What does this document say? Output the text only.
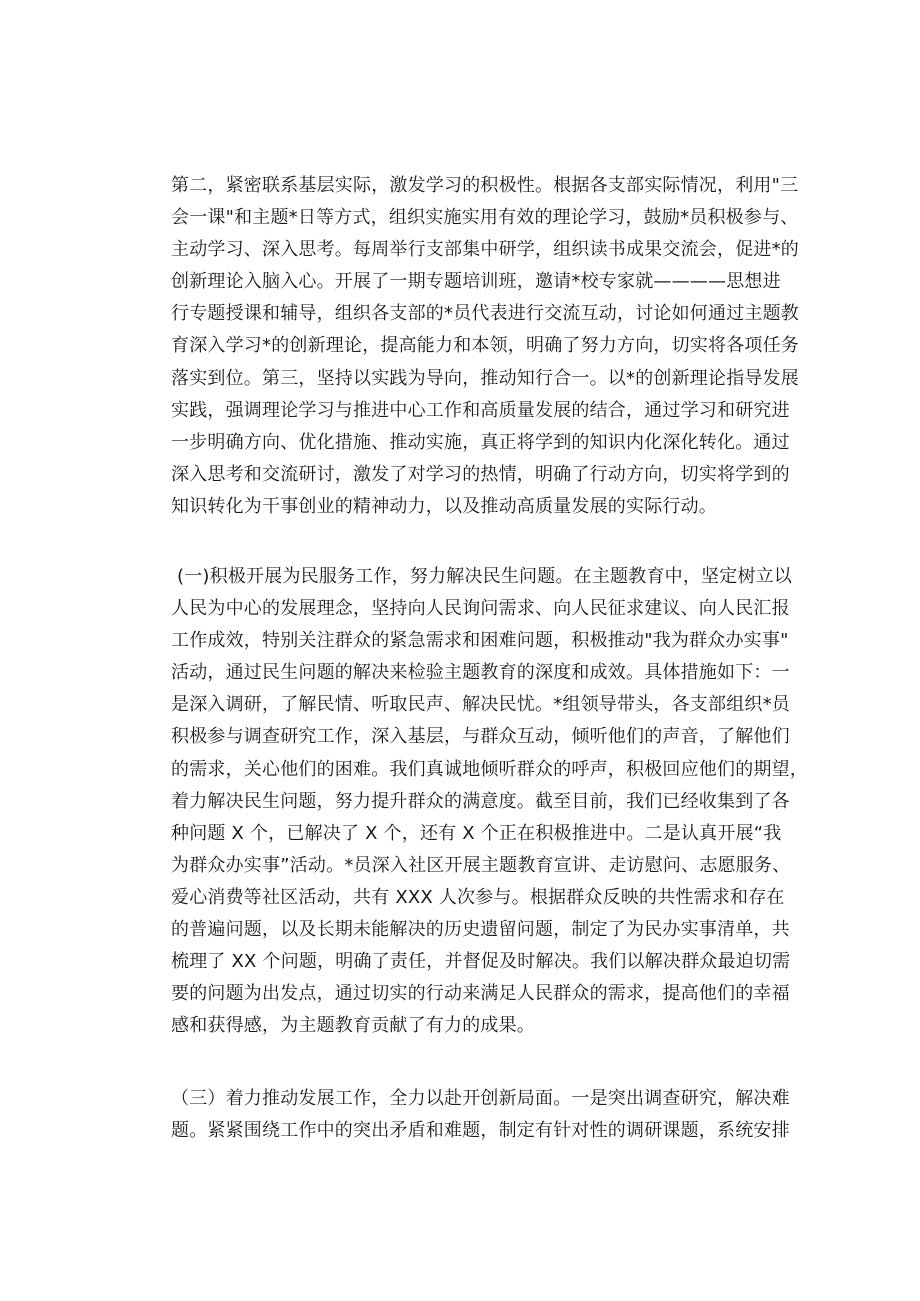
第二，紧密联系基层实际，激发学习的积极性。根据各支部实际情况，利用"三
会一课"和主题*日等方式，组织实施实用有效的理论学习，鼓励*员积极参与、
主动学习、深入思考。每周举行支部集中研学，组织读书成果交流会，促进*的
创新理论入脑入心。开展了一期专题培训班，邀请*校专家就————思想进
行专题授课和辅导，组织各支部的*员代表进行交流互动，讨论如何通过主题教
育深入学习*的创新理论，提高能力和本领，明确了努力方向，切实将各项任务
落实到位。第三，坚持以实践为导向，推动知行合一。以*的创新理论指导发展
实践，强调理论学习与推进中心工作和高质量发展的结合，通过学习和研究进
一步明确方向、优化措施、推动实施，真正将学到的知识内化深化转化。通过
深入思考和交流研讨，激发了对学习的热情，明确了行动方向，切实将学到的
知识转化为干事创业的精神动力，以及推动高质量发展的实际行动。
(一)积极开展为民服务工作，努力解决民生问题。在主题教育中，坚定树立以
人民为中心的发展理念，坚持向人民询问需求、向人民征求建议、向人民汇报
工作成效，特别关注群众的紧急需求和困难问题，积极推动"我为群众办实事"
活动，通过民生问题的解决来检验主题教育的深度和成效。具体措施如下：一
是深入调研，了解民情、听取民声、解决民忧。*组领导带头，各支部组织*员
积极参与调查研究工作，深入基层，与群众互动，倾听他们的声音，了解他们
的需求，关心他们的困难。我们真诚地倾听群众的呼声，积极回应他们的期望，
着力解决民生问题，努力提升群众的满意度。截至目前，我们已经收集到了各
种问题 X 个，已解决了 X 个，还有 X 个正在积极推进中。二是认真开展“我
为群众办实事”活动。*员深入社区开展主题教育宣讲、走访慰问、志愿服务、
爱心消费等社区活动，共有 XXX 人次参与。根据群众反映的共性需求和存在
的普遍问题，以及长期未能解决的历史遗留问题，制定了为民办实事清单，共
梳理了 XX 个问题，明确了责任，并督促及时解决。我们以解决群众最迫切需
要的问题为出发点，通过切实的行动来满足人民群众的需求，提高他们的幸福
感和获得感，为主题教育贡献了有力的成果。
（三）着力推动发展工作，全力以赴开创新局面。一是突出调查研究，解决难
题。紧紧围绕工作中的突出矛盾和难题，制定有针对性的调研课题，系统安排
